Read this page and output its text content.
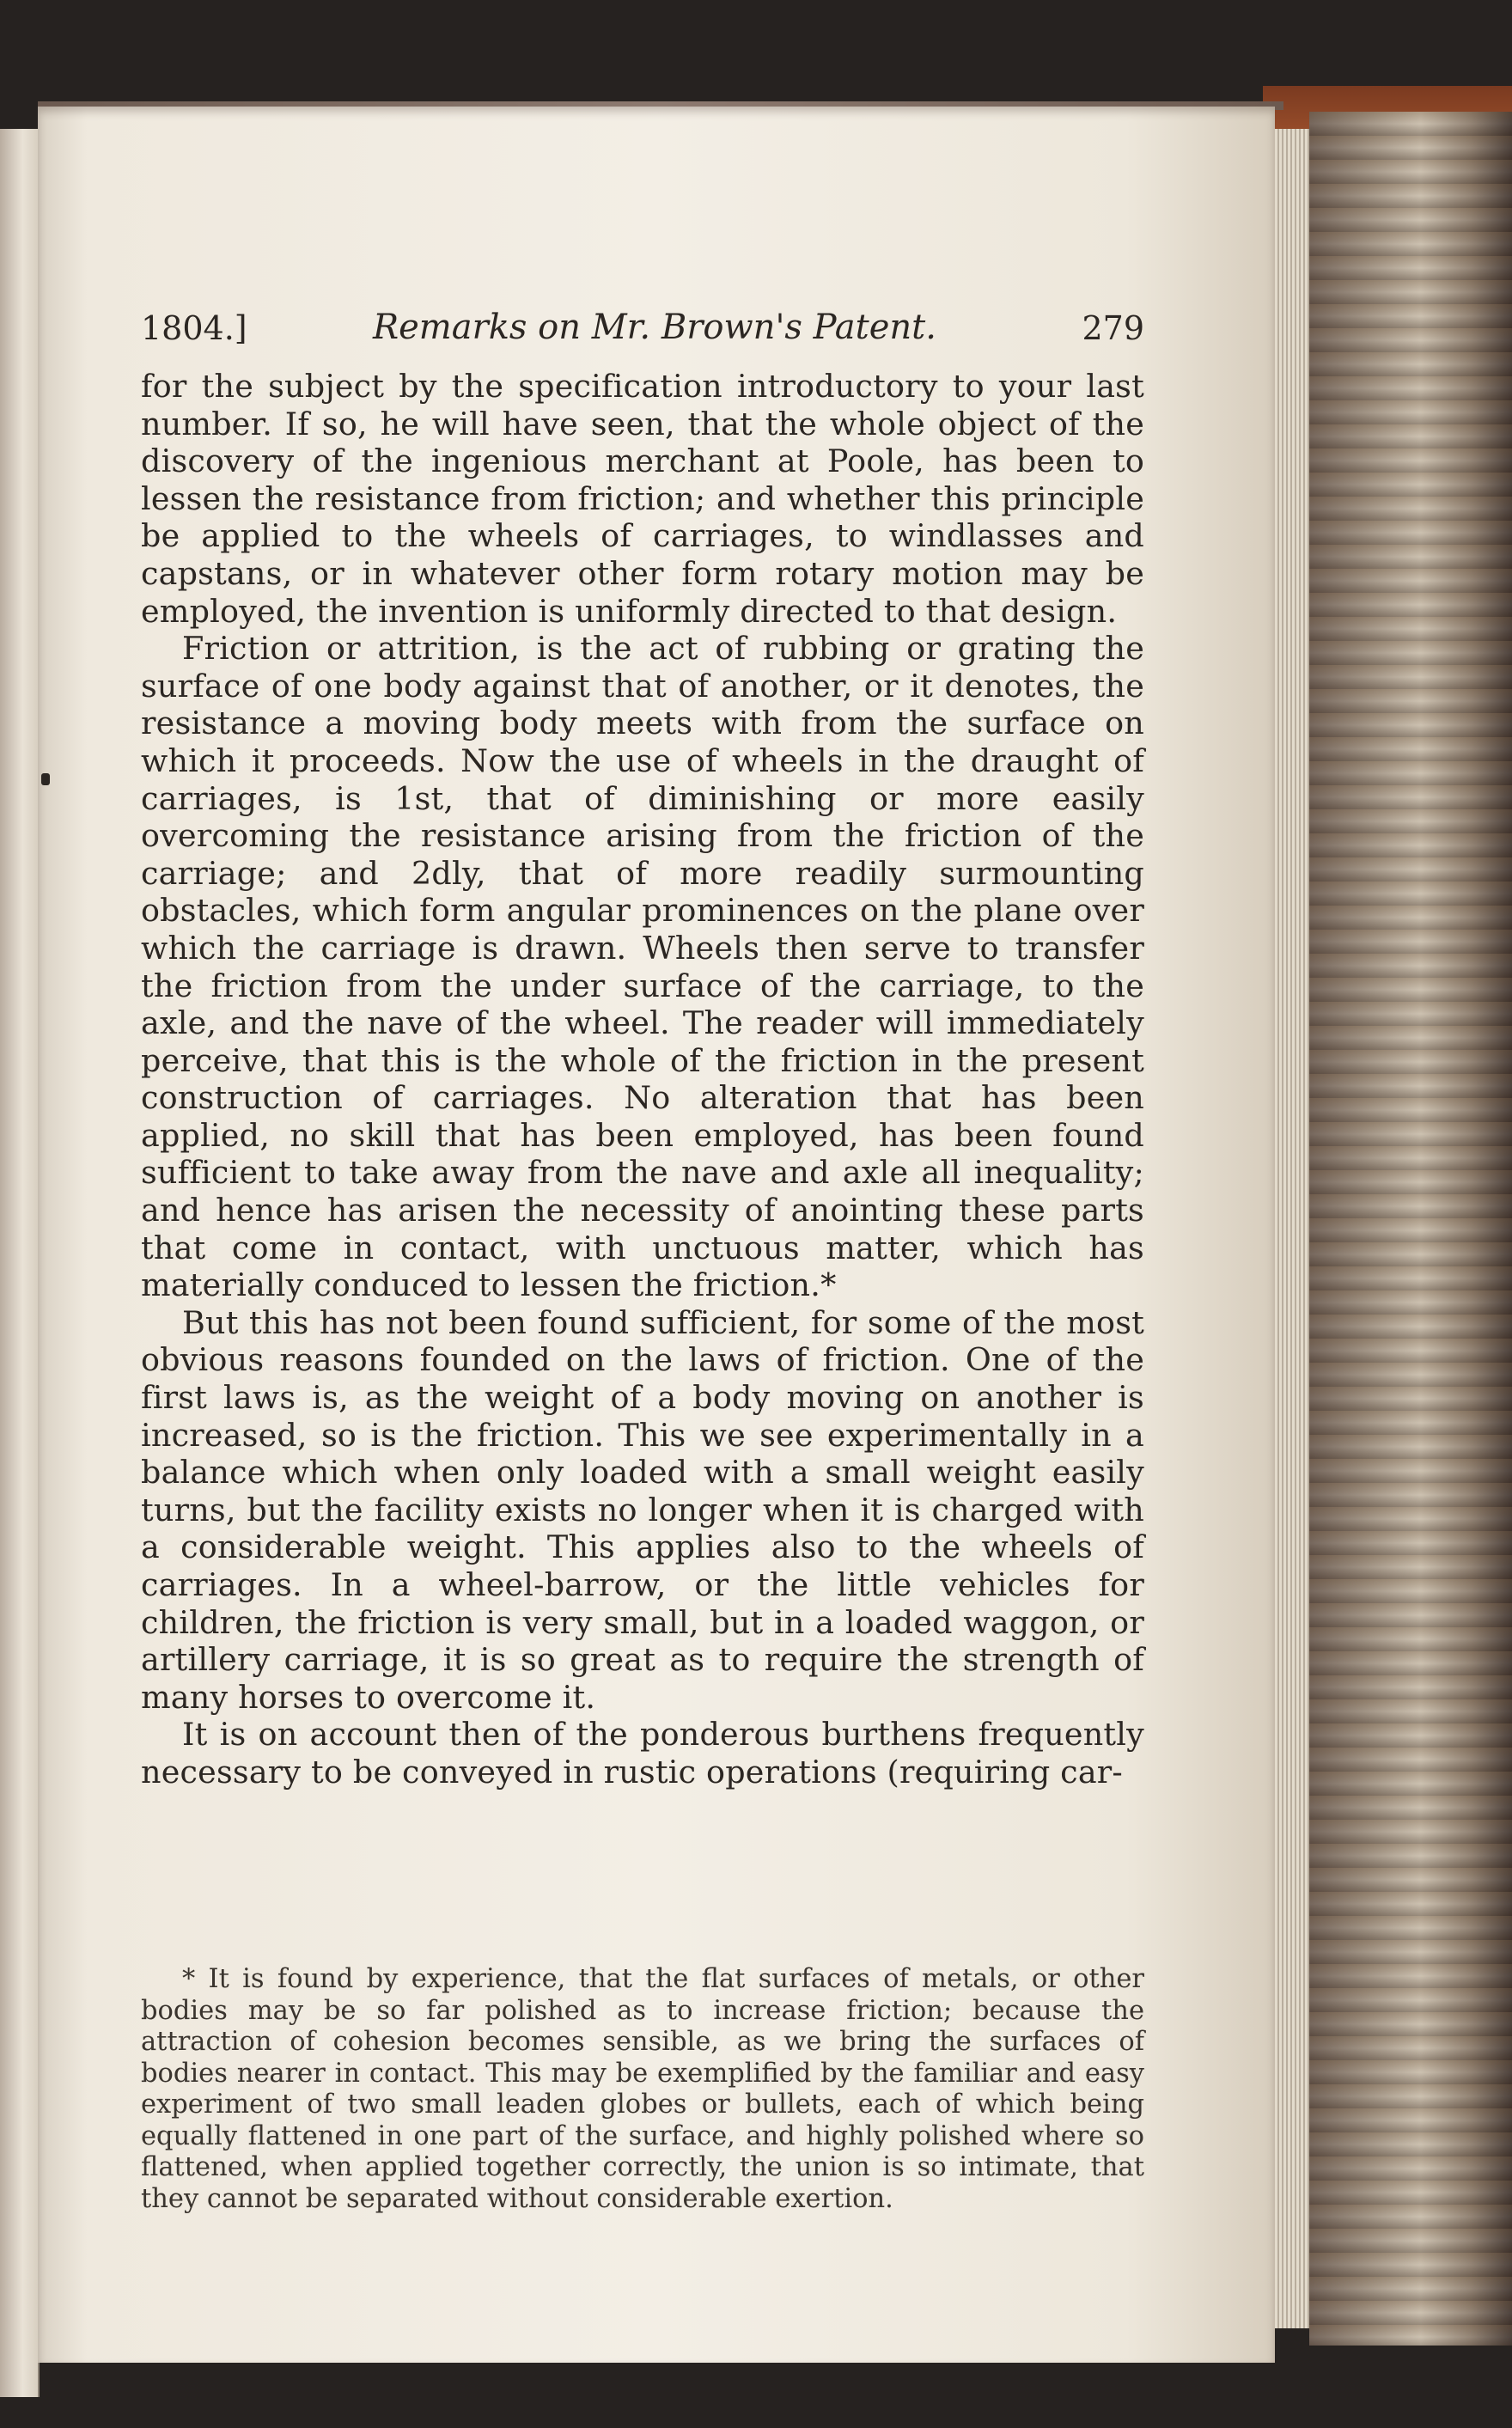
1804.]	Remarks on Mr. Brown's Patent.	279

for the subject by the specification introductory to your last number. If so, he will have seen, that the whole object of the discovery of the ingenious merchant at Poole, has been to lessen the resistance from friction; and whether this principle be applied to the wheels of carriages, to windlasses and capstans, or in whatever other form rotary motion may be employed, the invention is uniformly directed to that design.

Friction or attrition, is the act of rubbing or grating the surface of one body against that of another, or it denotes, the resistance a moving body meets with from the surface on which it proceeds. Now the use of wheels in the draught of carriages, is 1st, that of diminishing or more easily overcoming the resistance arising from the friction of the carriage; and 2dly, that of more readily surmounting obstacles, which form angular prominences on the plane over which the carriage is drawn. Wheels then serve to transfer the friction from the under surface of the carriage, to the axle, and the nave of the wheel. The reader will immediately perceive, that this is the whole of the friction in the present construction of carriages. No alteration that has been applied, no skill that has been employed, has been found sufficient to take away from the nave and axle all inequality; and hence has arisen the necessity of anointing these parts that come in contact, with unctuous matter, which has materially conduced to lessen the friction.*

But this has not been found sufficient, for some of the most obvious reasons founded on the laws of friction. One of the first laws is, as the weight of a body moving on another is increased, so is the friction. This we see experimentally in a balance which when only loaded with a small weight easily turns, but the facility exists no longer when it is charged with a considerable weight. This applies also to the wheels of carriages. In a wheel-barrow, or the little vehicles for children, the friction is very small, but in a loaded waggon, or artillery carriage, it is so great as to require the strength of many horses to overcome it.

It is on account then of the ponderous burthens frequently necessary to be conveyed in rustic operations (requiring car-

* It is found by experience, that the flat surfaces of metals, or other bodies may be so far polished as to increase friction; because the attraction of cohesion becomes sensible, as we bring the surfaces of bodies nearer in contact. This may be exemplified by the familiar and easy experiment of two small leaden globes or bullets, each of which being equally flattened in one part of the surface, and highly polished where so flattened, when applied together correctly, the union is so intimate, that they cannot be separated without considerable exertion.
